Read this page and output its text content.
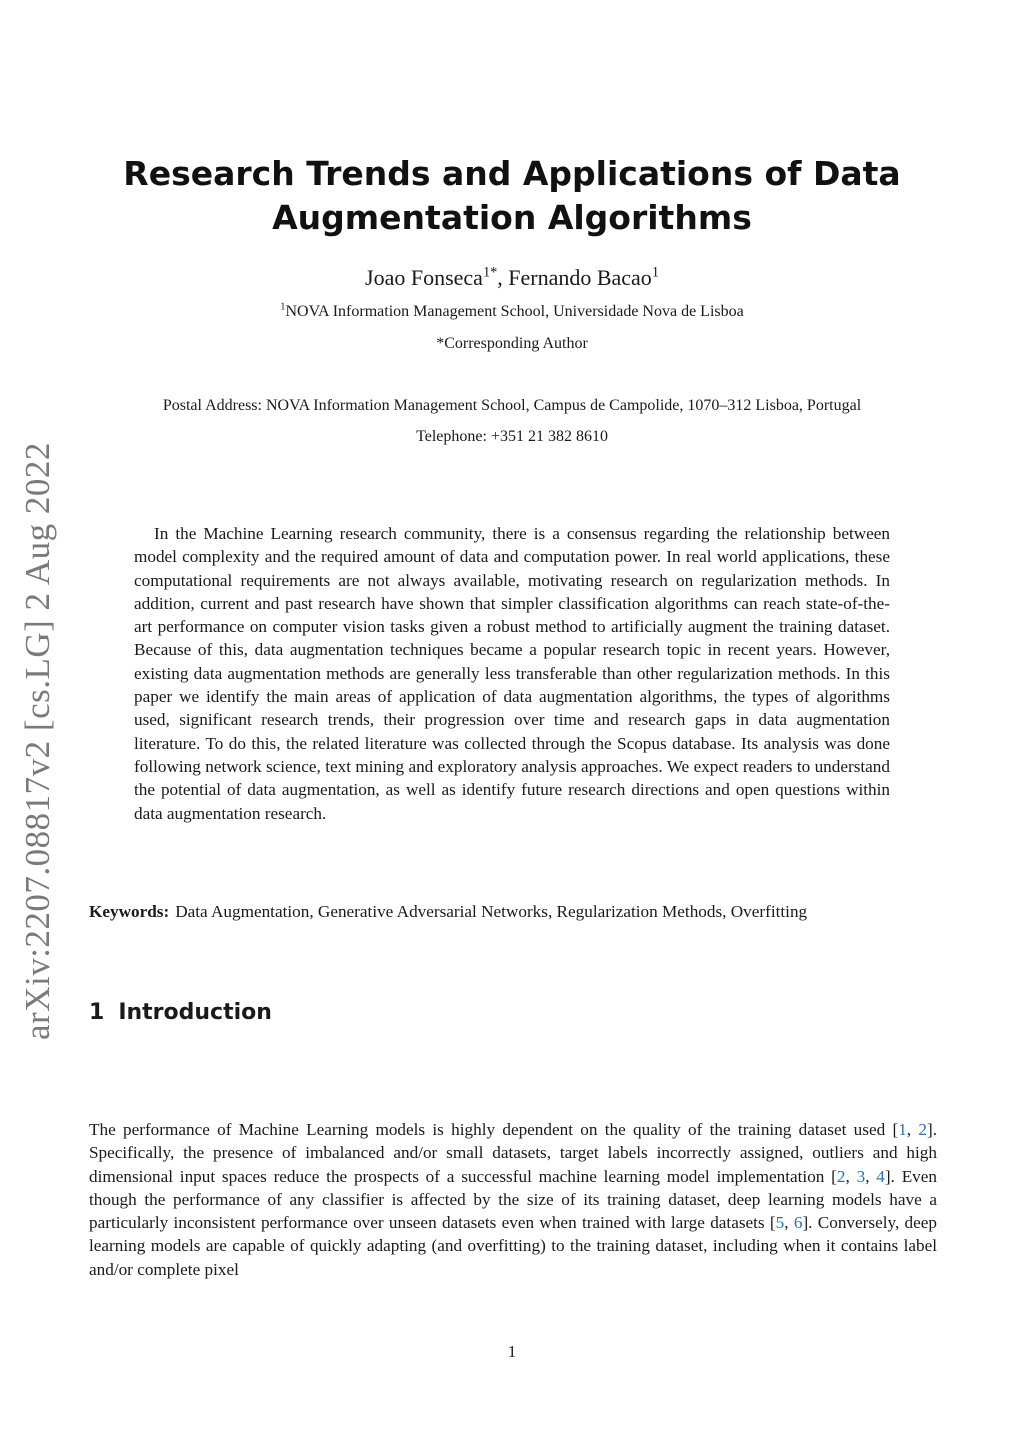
arXiv:2207.08817v2 [cs.LG] 2 Aug 2022
Research Trends and Applications of Data Augmentation Algorithms
Joao Fonseca$^{1*}$, Fernando Bacao$^1$
$^1$NOVA Information Management School, Universidade Nova de Lisboa
*Corresponding Author
Postal Address: NOVA Information Management School, Campus de Campolide, 1070–312 Lisboa, Portugal
Telephone: +351 21 382 8610

In the Machine Learning research community, there is a consensus regarding the relationship between model complexity and the required amount of data and computation power. In real world applications, these computational requirements are not always available, motivating research on regularization methods. In addition, current and past research have shown that simpler classification algorithms can reach state-of-the-art performance on computer vision tasks given a robust method to artificially augment the training dataset. Because of this, data augmentation techniques became a popular research topic in recent years. However, existing data augmentation methods are generally less transferable than other regularization methods. In this paper we identify the main areas of application of data augmentation algorithms, the types of algorithms used, significant research trends, their progression over time and research gaps in data augmentation literature. To do this, the related literature was collected through the Scopus database. Its analysis was done following network science, text mining and exploratory analysis approaches. We expect readers to understand the potential of data augmentation, as well as identify future research directions and open questions within data augmentation research.

Keywords: Data Augmentation, Generative Adversarial Networks, Regularization Methods, Overfitting

1 Introduction

The performance of Machine Learning models is highly dependent on the quality of the training dataset used [1, 2]. Specifically, the presence of imbalanced and/or small datasets, target labels incorrectly assigned, outliers and high dimensional input spaces reduce the prospects of a successful machine learning model implementation [2, 3, 4]. Even though the performance of any classifier is affected by the size of its training dataset, deep learning models have a particularly inconsistent performance over unseen datasets even when trained with large datasets [5, 6]. Conversely, deep learning models are capable of quickly adapting (and overfitting) to the training dataset, including when it contains label and/or complete pixel

1
